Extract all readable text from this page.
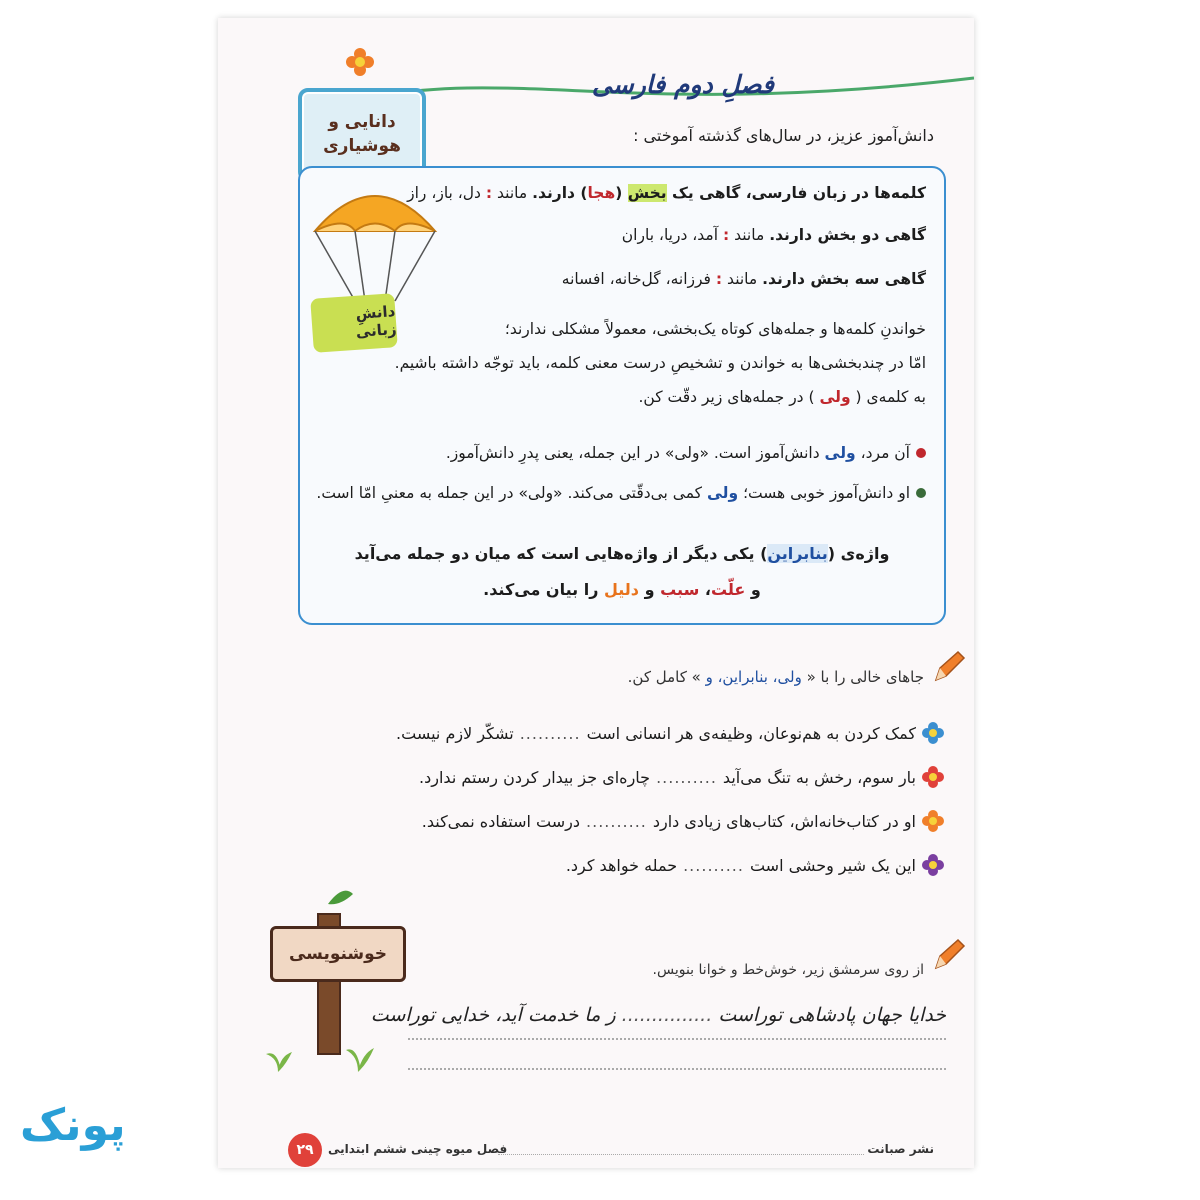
فصلِ دوم فارسی
دانایی و
هوشیاری
دانش‌آموز عزیز، در سال‌های گذشته آموختی :
دانشِ زبانی
کلمه‌ها در زبان فارسی، گاهی یک بخش (هجا) دارند. مانند : دل، باز، راز
گاهی دو بخش دارند. مانند : آمد، دریا، باران
گاهی سه بخش دارند. مانند : فرزانه، گل‌خانه، افسانه
خواندنِ کلمه‌ها و جمله‌های کوتاه یک‌بخشی، معمولاً مشکلی ندارند؛
امّا در چندبخشی‌ها به خواندن و تشخیصِ درست معنی کلمه، باید توجّه داشته باشیم.
به کلمه‌ی ( ولی ) در جمله‌های زیر دقّت کن.
آن مرد، ولی دانش‌آموز است. «ولی» در این جمله، یعنی پدرِ دانش‌آموز.
او دانش‌آموز خوبی هست؛ ولی کمی بی‌دقّتی می‌کند. «ولی» در این جمله به معنیِ امّا است.
واژه‌ی (بنابراین) یکی دیگر از واژه‌هایی است که میان دو جمله می‌آید
و علّت، سبب و دلیل را بیان می‌کند.
جاهای خالی را با « ولی، بنابراین، و » کامل کن.
کمک کردن به هم‌نوعان، وظیفه‌ی هر انسانی است
..........
تشکّر لازم نیست.
بار سوم، رخش به تنگ می‌آید
..........
چاره‌ای جز بیدار کردن رستم ندارد.
او در کتاب‌خانه‌اش، کتاب‌های زیادی دارد
..........
درست استفاده نمی‌کند.
این یک شیر وحشی است
..........
حمله خواهد کرد.
خوشنویسی
از روی سرمشق زیر، خوش‌خط و خوانا بنویس.
خدایا جهان پادشاهی توراست ............... ز ما خدمت آید، خدایی توراست
نشر صبانت
فصل میوه چینی ششم ابتدایی
۲۹
پونک
